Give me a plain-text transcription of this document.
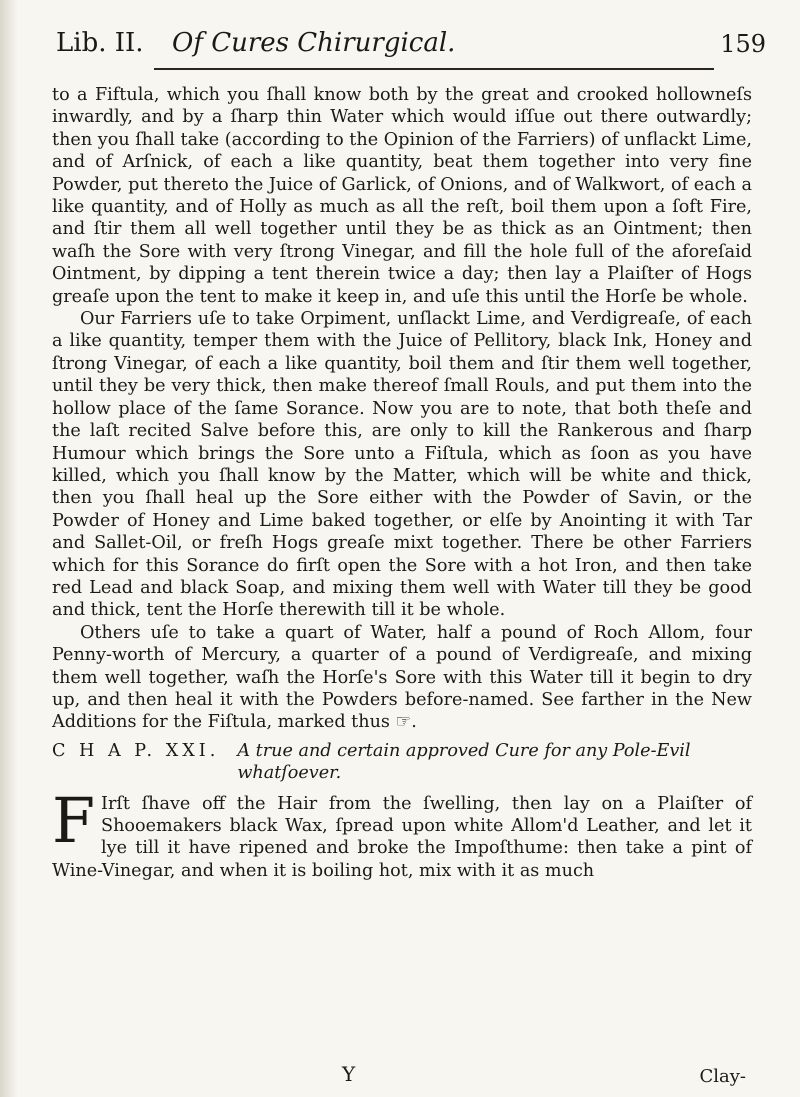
Lib. II. Of Cures Chirurgical.	159

to a Fiftula, which you ſhall know both by the great and crooked hollowneſs inwardly, and by a ſharp thin Water which would iſſue out there outwardly; then you ſhall take (according to the Opinion of the Farriers) of unflackt Lime, and of Arſnick, of each a like quantity, beat them together into very fine Powder, put thereto the Juice of Garlick, of Onions, and of Walkwort, of each a like quantity, and of Holly as much as all the reſt, boil them upon a ſoft Fire, and ſtir them all well together until they be as thick as an Ointment; then waſh the Sore with very ſtrong Vinegar, and fill the hole full of the aforeſaid Ointment, by dipping a tent therein twice a day; then lay a Plaiſter of Hogs greaſe upon the tent to make it keep in, and uſe this until the Horſe be whole.

Our Farriers uſe to take Orpiment, unſlackt Lime, and Verdigreaſe, of each a like quantity, temper them with the Juice of Pellitory, black Ink, Honey and ſtrong Vinegar, of each a like quantity, boil them and ſtir them well together, until they be very thick, then make thereof ſmall Rouls, and put them into the hollow place of the ſame Sorance. Now you are to note, that both theſe and the laſt recited Salve before this, are only to kill the Rankerous and ſharp Humour which brings the Sore unto a Fiſtula, which as ſoon as you have killed, which you ſhall know by the Matter, which will be white and thick, then you ſhall heal up the Sore either with the Powder of Savin, or the Powder of Honey and Lime baked together, or elſe by Anointing it with Tar and Sallet-Oil, or freſh Hogs greaſe mixt together. There be other Farriers which for this Sorance do firſt open the Sore with a hot Iron, and then take red Lead and black Soap, and mixing them well with Water till they be good and thick, tent the Horſe therewith till it be whole.

Others uſe to take a quart of Water, half a pound of Roch Allom, four Penny-worth of Mercury, a quarter of a pound of Verdigreaſe, and mixing them well together, waſh the Horſe's Sore with this Water till it begin to dry up, and then heal it with the Powders before-named. See farther in the New Additions for the Fiſtula, marked thus ☞.

C H A P. XXI. A true and certain approved Cure for any Pole-Evil whatſoever.

F Irſt ſhave off the Hair from the ſwelling, then lay on a Plaiſter of Shooemakers black Wax, ſpread upon white Allom'd Leather, and let it lye till it have ripened and broke the Impoſthume: then take a pint of Wine-Vinegar, and when it is boiling hot, mix with it as much

Y	Clay-
